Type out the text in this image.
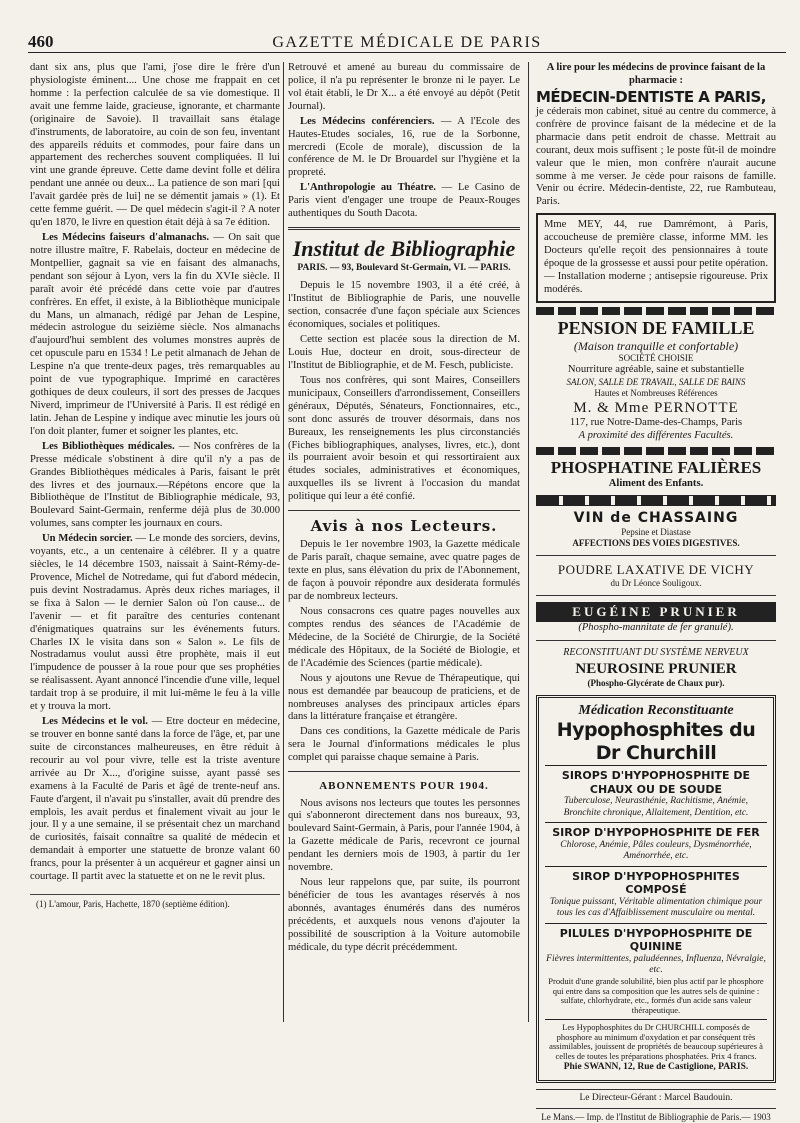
460	GAZETTE MÉDICALE DE PARIS

dant six ans, plus que l'ami, j'ose dire le frère d'un physiologiste éminent.... Une chose me frappait en cet homme : la perfection calculée de sa vie domestique. Il avait une femme laide, gracieuse, ignorante, et charmante (originaire de Savoie). Il travaillait sans étalage d'instruments, de laboratoire, au coin de son feu, inventant des appareils réduits et commodes, pour faire dans un appartement des recherches souvent compliquées. Il lui vint une grande épreuve. Cette dame devint folle et délira pendant une année ou deux... La patience de son mari [qui l'avait gardée près de lui] ne se démentit jamais » (1). Et cette femme guérit. — De quel médecin s'agit-il ? A noter qu'en 1870, le livre en question était déjà à sa 7e édition.

Les Médecins faiseurs d'almanachs. — On sait que notre illustre maître, F. Rabelais, docteur en médecine de Montpellier, gagnait sa vie en faisant des almanachs, pendant son séjour à Lyon, vers la fin du XVIe siècle. Il paraît avoir été précédé dans cette voie par d'autres confrères. En effet, il existe, à la Bibliothèque municipale du Mans, un almanach, rédigé par Jehan de Lespine, médecin astrologue du seizième siècle. Nos almanachs d'aujourd'hui semblent des volumes monstres auprès de cet opuscule paru en 1534 ! Le petit almanach de Jehan de Lespine n'a que trente-deux pages, très remarquables au point de vue typographique. Imprimé en caractères gothiques de deux couleurs, il sort des presses de Jacques Niverd, imprimeur de l'Université à Paris. Il est rédigé en latin. Jehan de Lespine y indique avec minutie les jours où l'on doit planter, fumer et soigner les plantes, etc.

Les Bibliothèques médicales. — Nos confrères de la Presse médicale s'obstinent à dire qu'il n'y a pas de Grandes Bibliothèques médicales à Paris, faisant le prêt des livres et des journaux.—Répétons encore que la Bibliothèque de l'Institut de Bibliographie médicale, 93, Boulevard Saint-Germain, renferme déjà plus de 30.000 volumes, sans compter les journaux en cours.

Un Médecin sorcier. — Le monde des sorciers, devins, voyants, etc., a un centenaire à célébrer. Il y a quatre siècles, le 14 décembre 1503, naissait à Saint-Rémy-de-Provence, Michel de Notredame, qui fut d'abord médecin, puis devint Nostradamus. Après deux riches mariages, il se fixa à Salon — le dernier Salon où l'on cause... de l'avenir — et fit paraître des centuries contenant d'énigmatiques quatrains sur les événements futurs. Charles IX le visita dans son « Salon ». Le fils de Nostradamus voulut aussi être prophète, mais il eut l'impudence de pousser à la roue pour que ses prophéties se réalisassent. Ayant annoncé l'incendie d'une ville, lequel tardait trop à se produire, il mit lui-même le feu à la ville et y trouva la mort.

Les Médecins et le vol. — Etre docteur en médecine, se trouver en bonne santé dans la force de l'âge, et, par une suite de circonstances malheureuses, en être réduit à recourir au vol pour vivre, telle est la triste aventure arrivée au Dr X..., d'origine suisse, ayant passé ses examens à la Faculté de Paris et âgé de trente-neuf ans. Faute d'argent, il n'avait pu s'installer, avait dû prendre des emplois, les avait perdus et finalement vivait au jour le jour. Il y a une semaine, il se présentait chez un marchand de curiosités, faisait connaître sa qualité de médecin et demandait à emporter une statuette de bronze valant 60 francs, pour la présenter à un acquéreur et gagner ainsi un courtage. Il partit avec la statuette et on ne le revit plus.

(1) L'amour, Paris, Hachette, 1870 (septième édition).

Retrouvé et amené au bureau du commissaire de police, il n'a pu représenter le bronze ni le payer. Le vol était établi, le Dr X... a été envoyé au dépôt (Petit Journal).

Les Médecins conférenciers. — A l'Ecole des Hautes-Etudes sociales, 16, rue de la Sorbonne, mercredi (Ecole de morale), discussion de la conférence de M. le Dr Brouardel sur l'hygiène et la propreté.

L'Anthropologie au Théatre. — Le Casino de Paris vient d'engager une troupe de Peaux-Rouges authentiques du South Dacota.

Institut de Bibliographie
PARIS. — 93, Boulevard St-Germain, VI. — PARIS.

Depuis le 15 novembre 1903, il a été créé, à l'Institut de Bibliographie de Paris, une nouvelle section, consacrée d'une façon spéciale aux Sciences économiques, sociales et politiques.

Cette section est placée sous la direction de M. Louis Hue, docteur en droit, sous-directeur de l'Institut de Bibliographie, et de M. Fesch, publiciste.

Tous nos confrères, qui sont Maires, Conseillers municipaux, Conseillers d'arrondissement, Conseillers généraux, Députés, Sénateurs, Fonctionnaires, etc., sont donc assurés de trouver désormais, dans nos Bureaux, les renseignements les plus circonstanciés (Fiches bibliographiques, analyses, livres, etc.), dont ils pourraient avoir besoin et qui ressortiraient aux études sociales, administratives et économiques, auxquelles ils se livrent à l'occasion du mandat politique qui leur a été confié.

Avis à nos Lecteurs.

Depuis le 1er novembre 1903, la Gazette médicale de Paris paraît, chaque semaine, avec quatre pages de texte en plus, sans élévation du prix de l'Abonnement, de façon à pouvoir répondre aux desiderata formulés par de nombreux lecteurs.

Nous consacrons ces quatre pages nouvelles aux comptes rendus des séances de l'Académie de Médecine, de la Société de Chirurgie, de la Société médicale des Hôpitaux, de la Société de Biologie, et de l'Académie des Sciences (partie médicale).

Nous y ajoutons une Revue de Thérapeutique, qui nous est demandée par beaucoup de praticiens, et de nombreuses analyses des principaux articles épars dans la littérature française et étrangère.

Dans ces conditions, la Gazette médicale de Paris sera le Journal d'informations médicales le plus complet qui paraisse chaque semaine à Paris.

ABONNEMENTS POUR 1904.

Nous avisons nos lecteurs que toutes les personnes qui s'abonneront directement dans nos bureaux, 93, boulevard Saint-Germain, à Paris, pour l'année 1904, à la Gazette médicale de Paris, recevront ce journal pendant les derniers mois de 1903, à partir du 1er novembre.

Nous leur rappelons que, par suite, ils pourront bénéficier de tous les avantages réservés à nos abonnés, avantages énumérés dans des numéros précédents, et auxquels nous venons d'ajouter la possibilité de souscription à la Voiture automobile médicale, du type décrit précédemment.

A lire pour les médecins de province faisant de la pharmacie :
MÉDECIN-DENTISTE A PARIS,
je céderais mon cabinet, situé au centre du commerce, à confrère de province faisant de la médecine et de la pharmacie dans petit endroit de chasse. Mettrait au courant, deux mois suffisent ; le poste fût-il de moindre valeur que le mien, mon confrère n'aurait aucune somme à me verser. Je cède pour raisons de famille. Venir ou écrire. Médecin-dentiste, 22, rue Rambuteau, Paris.
Mme MEY, 44, rue Damrémont, à Paris, accoucheuse de première classe, informe MM. les Docteurs qu'elle reçoit des pensionnaires à toute époque de la grossesse et aussi pour petite opération. — Installation moderne ; antisepsie rigoureuse. Prix modérés.
PENSION DE FAMILLE
(Maison tranquille et confortable)
SOCIÉTÉ CHOISIE
Nourriture agréable, saine et substantielle
SALON, SALLE DE TRAVAIL, SALLE DE BAINS
Hautes et Nombreuses Références
M. & Mme PERNOTTE
117, rue Notre-Dame-des-Champs, Paris
A proximité des différentes Facultés.
PHOSPHATINE FALIÈRES
Aliment des Enfants.
VIN de CHASSAING
Pepsine et Diastase
AFFECTIONS DES VOIES DIGESTIVES.
POUDRE LAXATIVE DE VICHY
du Dr Léonce Souligoux.
EUGÉINE PRUNIER
(Phospho-mannitate de fer granulé).
RECONSTITUANT DU SYSTÈME NERVEUX
NEUROSINE PRUNIER
(Phospho-Glycérate de Chaux pur).
Médication Reconstituante
Hypophosphites du Dr Churchill
SIROPS D'HYPOPHOSPHITE DE CHAUX OU DE SOUDE
Tuberculose, Neurasthénie, Rachitisme, Anémie, Bronchite chronique, Allaitement, Dentition, etc.
SIROP D'HYPOPHOSPHITE DE FER
Chlorose, Anémie, Pâles couleurs, Dysménorrhée, Aménorrhée, etc.
SIROP D'HYPOPHOSPHITES COMPOSÉ
Tonique puissant, Véritable alimentation chimique pour tous les cas d'Affaiblissement musculaire ou mental.
PILULES D'HYPOPHOSPHITE DE QUININE
Fièvres intermittentes, paludéennes, Influenza, Névralgie, etc.
Produit d'une grande solubilité, bien plus actif par le phosphore qui entre dans sa composition que les autres sels de quinine : sulfate, chlorhydrate, etc., formés d'un acide sans valeur thérapeutique.
Les Hypophosphites du Dr CHURCHILL composés de phosphore au minimum d'oxydation et par conséquent très assimilables, jouissent de propriétés de beaucoup supérieures à celles de toutes les préparations phosphatées. Prix 4 francs.
Phie SWANN, 12, Rue de Castiglione, PARIS.
Le Directeur-Gérant : Marcel Baudouin.
Le Mans.— Imp. de l'Institut de Bibliographie de Paris.— 1903
